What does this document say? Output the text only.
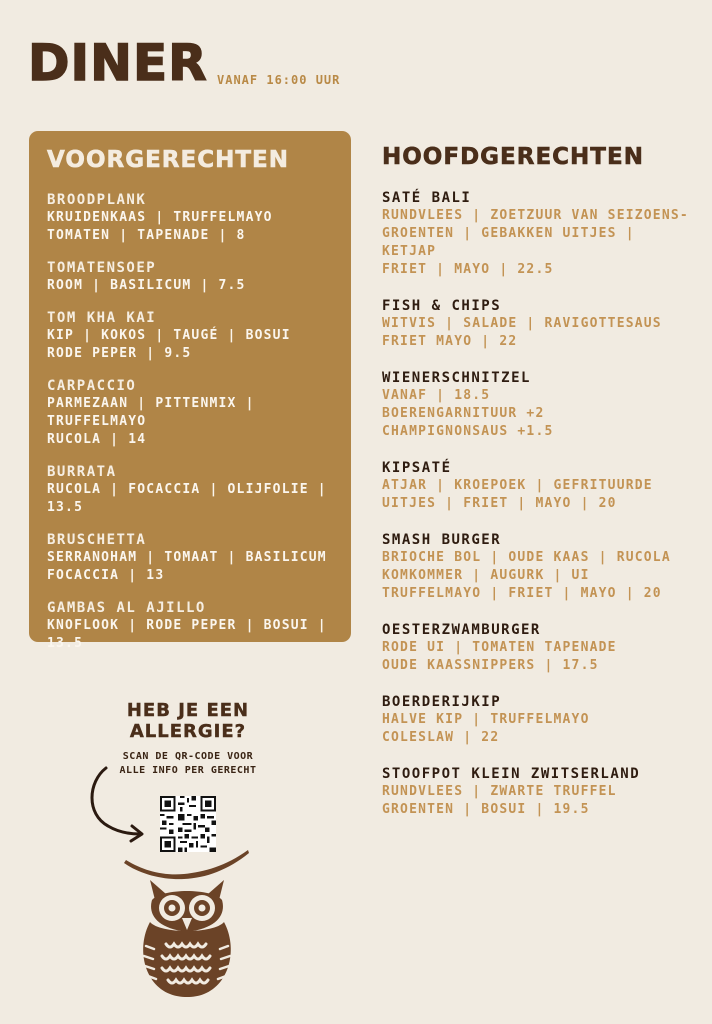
DINER VANAF 16:00 UUR
VOORGERECHTEN
BROODPLANK
KRUIDENKAAS | TRUFFELMAYO
TOMATEN | TAPENADE | 8
TOMATENSOEP
ROOM | BASILICUM | 7.5
TOM KHA KAI
KIP | KOKOS | TAUGÉ | BOSUI
RODE PEPER | 9.5
CARPACCIO
PARMEZAAN | PITTENMIX | TRUFFELMAYO
RUCOLA | 14
BURRATA
RUCOLA | FOCACCIA | OLIJFOLIE | 13.5
BRUSCHETTA
SERRANOHAM | TOMAAT | BASILICUM
FOCACCIA | 13
GAMBAS AL AJILLO
KNOFLOOK | RODE PEPER | BOSUI | 13.5
HOOFDGERECHTEN
SATÉ BALI
RUNDVLEES | ZOETZUUR VAN SEIZOENS-
GROENTEN | GEBAKKEN UITJES | KETJAP
FRIET | MAYO | 22.5
FISH & CHIPS
WITVIS | SALADE | RAVIGOTTESAUS
FRIET MAYO | 22
WIENERSCHNITZEL
VANAF | 18.5
BOERENGARNITUUR +2
CHAMPIGNONSAUS +1.5
KIPSATÉ
ATJAR | KROEPOEK | GEFRITUURDE
UITJES | FRIET | MAYO | 20
SMASH BURGER
BRIOCHE BOL | OUDE KAAS | RUCOLA
KOMKOMMER | AUGURK | UI
TRUFFELMAYO | FRIET | MAYO | 20
OESTERZWAMBURGER
RODE UI | TOMATEN TAPENADE
OUDE KAASSNIPPERS | 17.5
BOERDERIJKIP
HALVE KIP | TRUFFELMAYO
COLESLAW | 22
STOOFPOT KLEIN ZWITSERLAND
RUNDVLEES | ZWARTE TRUFFEL
GROENTEN | BOSUI | 19.5
HEB JE EEN
ALLERGIE?
SCAN DE QR-CODE VOOR
ALLE INFO PER GERECHT
